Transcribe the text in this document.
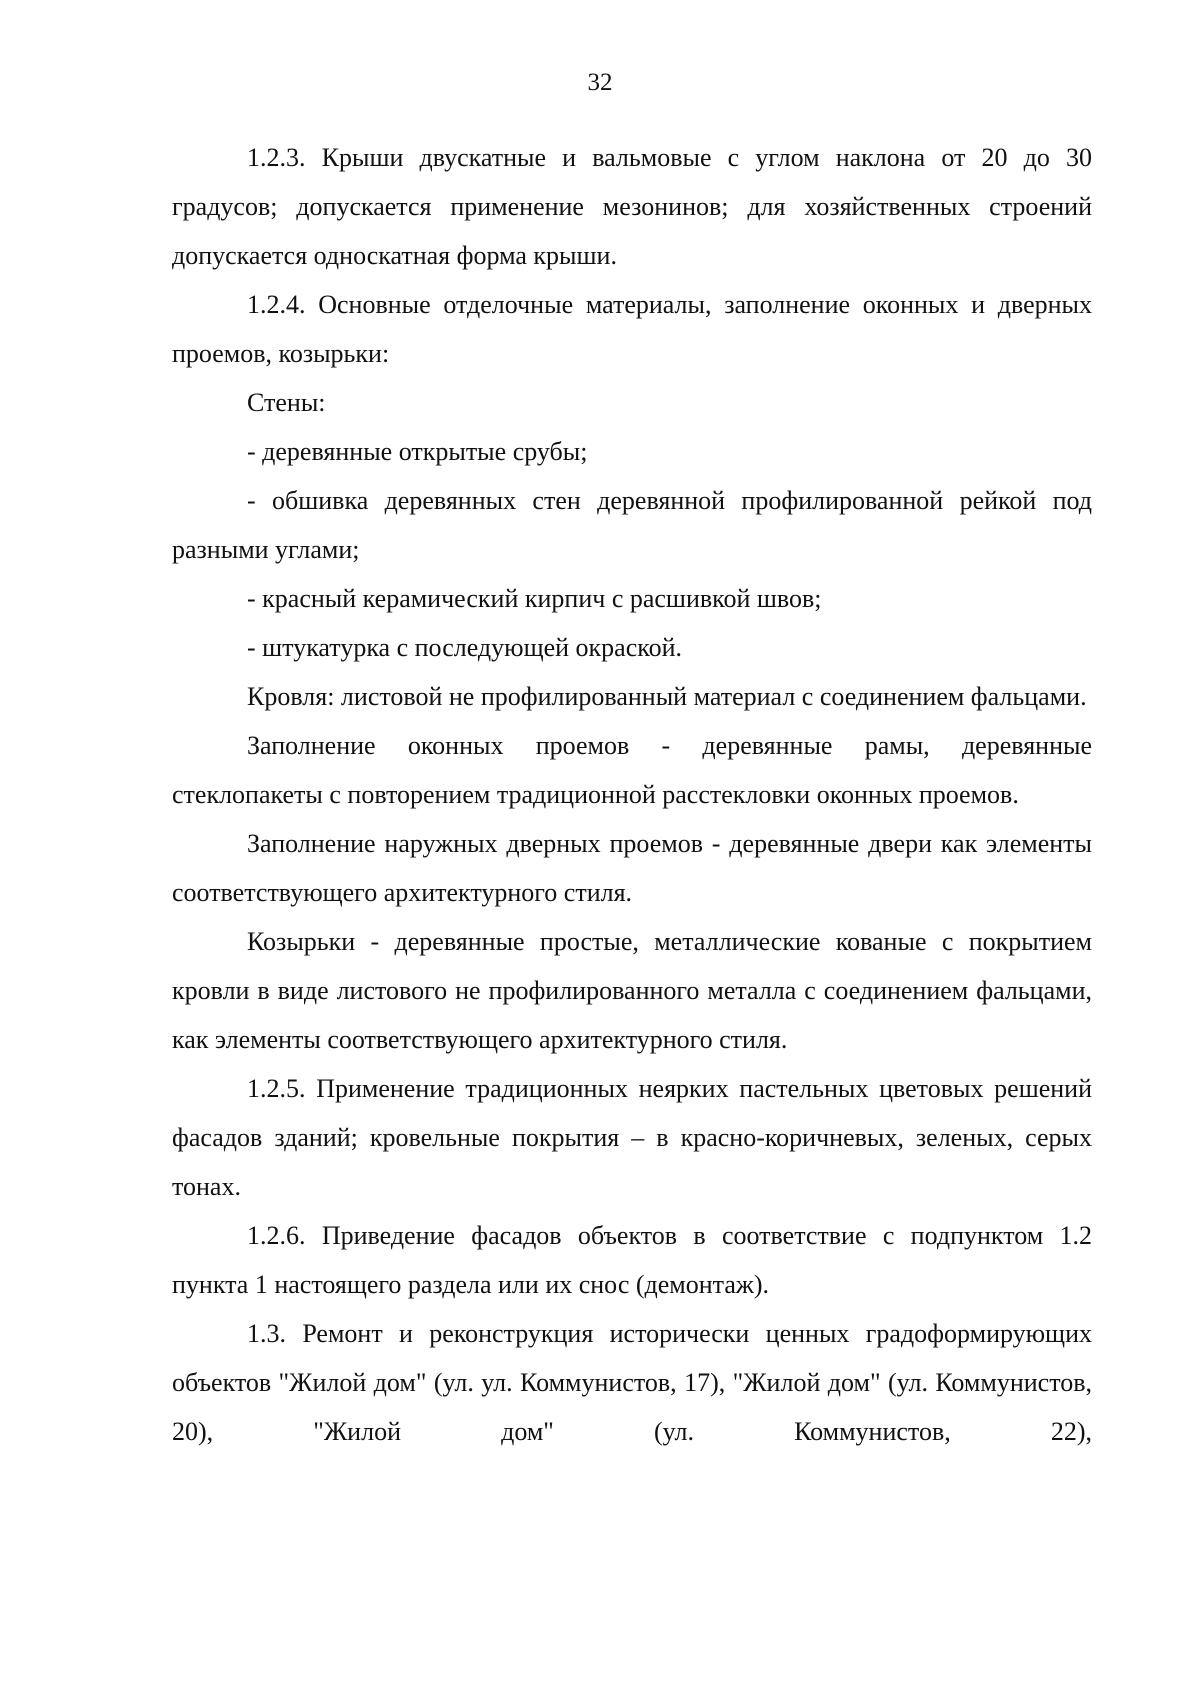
32

1.2.3. Крыши двускатные и вальмовые с углом наклона от 20 до 30 градусов; допускается применение мезонинов; для хозяйственных строений допускается односкатная форма крыши.

1.2.4. Основные отделочные материалы, заполнение оконных и дверных проемов, козырьки:

Стены:

- деревянные открытые срубы;

- обшивка деревянных стен деревянной профилированной рейкой под разными углами;

- красный керамический кирпич с расшивкой швов;

- штукатурка с последующей окраской.

Кровля: листовой не профилированный материал с соединением фальцами.

Заполнение оконных проемов - деревянные рамы, деревянные стеклопакеты с повторением традиционной расстекловки оконных проемов.

Заполнение наружных дверных проемов - деревянные двери как элементы соответствующего архитектурного стиля.

Козырьки - деревянные простые, металлические кованые с покрытием кровли в виде листового не профилированного металла с соединением фальцами, как элементы соответствующего архитектурного стиля.

1.2.5. Применение традиционных неярких пастельных цветовых решений фасадов зданий; кровельные покрытия – в красно-коричневых, зеленых, серых тонах.

1.2.6. Приведение фасадов объектов в соответствие с подпунктом 1.2 пункта 1 настоящего раздела или их снос (демонтаж).

1.3. Ремонт и реконструкция исторически ценных градоформирующих объектов "Жилой дом" (ул. ул. Коммунистов, 17), "Жилой дом" (ул. Коммунистов, 20), "Жилой дом" (ул. Коммунистов, 22),
